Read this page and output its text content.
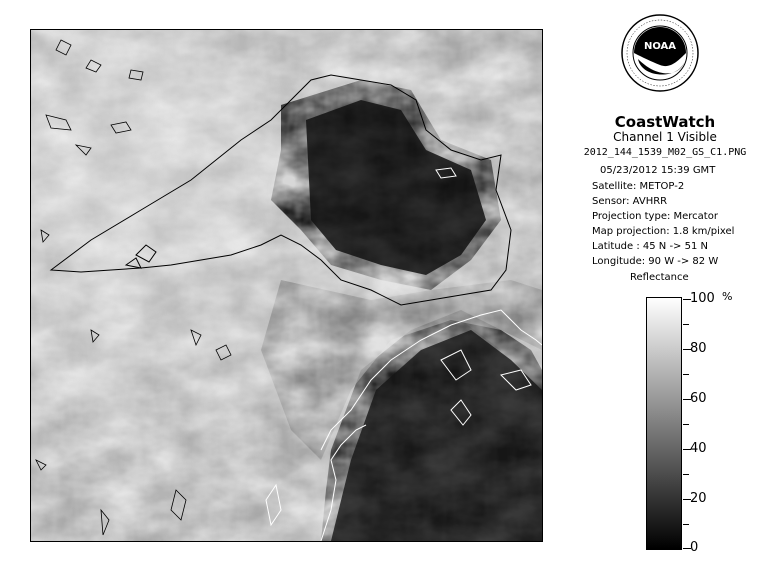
NOAA
CoastWatch
Channel 1 Visible
2012_144_1539_M02_GS_C1.PNG
05/23/2012 15:39 GMT
Satellite: METOP-2
Sensor: AVHRR
Projection type: Mercator
Map projection: 1.8 km/pixel
Latitude : 45 N -> 51 N
Longitude: 90 W -> 82 W
Reflectance
%
100
80
60
40
20
0
